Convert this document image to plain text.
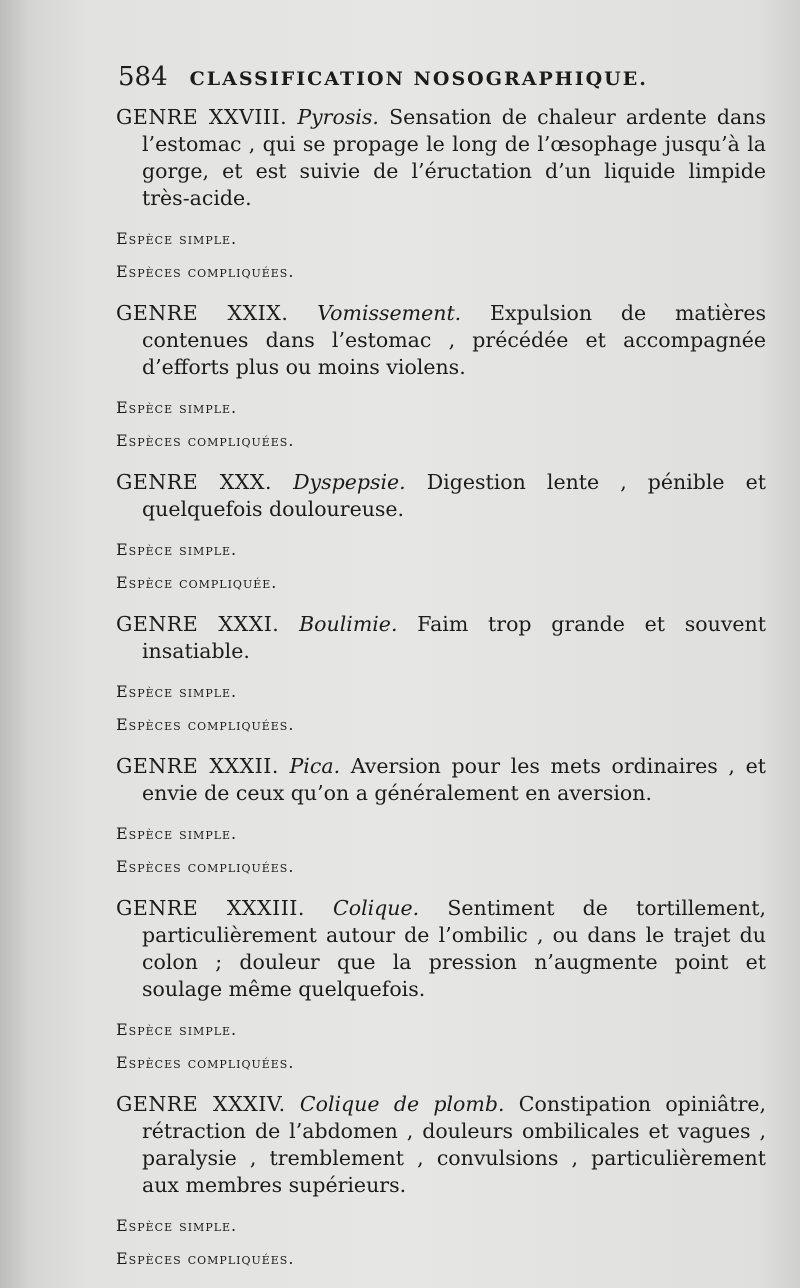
584 CLASSIFICATION NOSOGRAPHIQUE.

GENRE XXVIII. Pyrosis. Sensation de chaleur ardente dans l’estomac , qui se propage le long de l’œsophage jusqu’à la gorge, et est suivie de l’éructation d’un liquide limpide très-acide.

Espèce simple.

Espèces compliquées.

GENRE XXIX. Vomissement. Expulsion de matières contenues dans l’estomac , précédée et accompagnée d’efforts plus ou moins violens.

Espèce simple.

Espèces compliquées.

GENRE XXX. Dyspepsie. Digestion lente , pénible et quelquefois douloureuse.

Espèce simple.

Espèce compliquée.

GENRE XXXI. Boulimie. Faim trop grande et souvent insatiable.

Espèce simple.

Espèces compliquées.

GENRE XXXII. Pica. Aversion pour les mets ordinaires , et envie de ceux qu’on a généralement en aversion.

Espèce simple.

Espèces compliquées.

GENRE XXXIII. Colique. Sentiment de tortillement, particulièrement autour de l’ombilic , ou dans le trajet du colon ; douleur que la pression n’augmente point et soulage même quelquefois.

Espèce simple.

Espèces compliquées.

GENRE XXXIV. Colique de plomb. Constipation opiniâtre, rétraction de l’abdomen , douleurs ombilicales et vagues , paralysie , tremblement , convulsions , particulièrement aux membres supérieurs.

Espèce simple.

Espèces compliquées.
